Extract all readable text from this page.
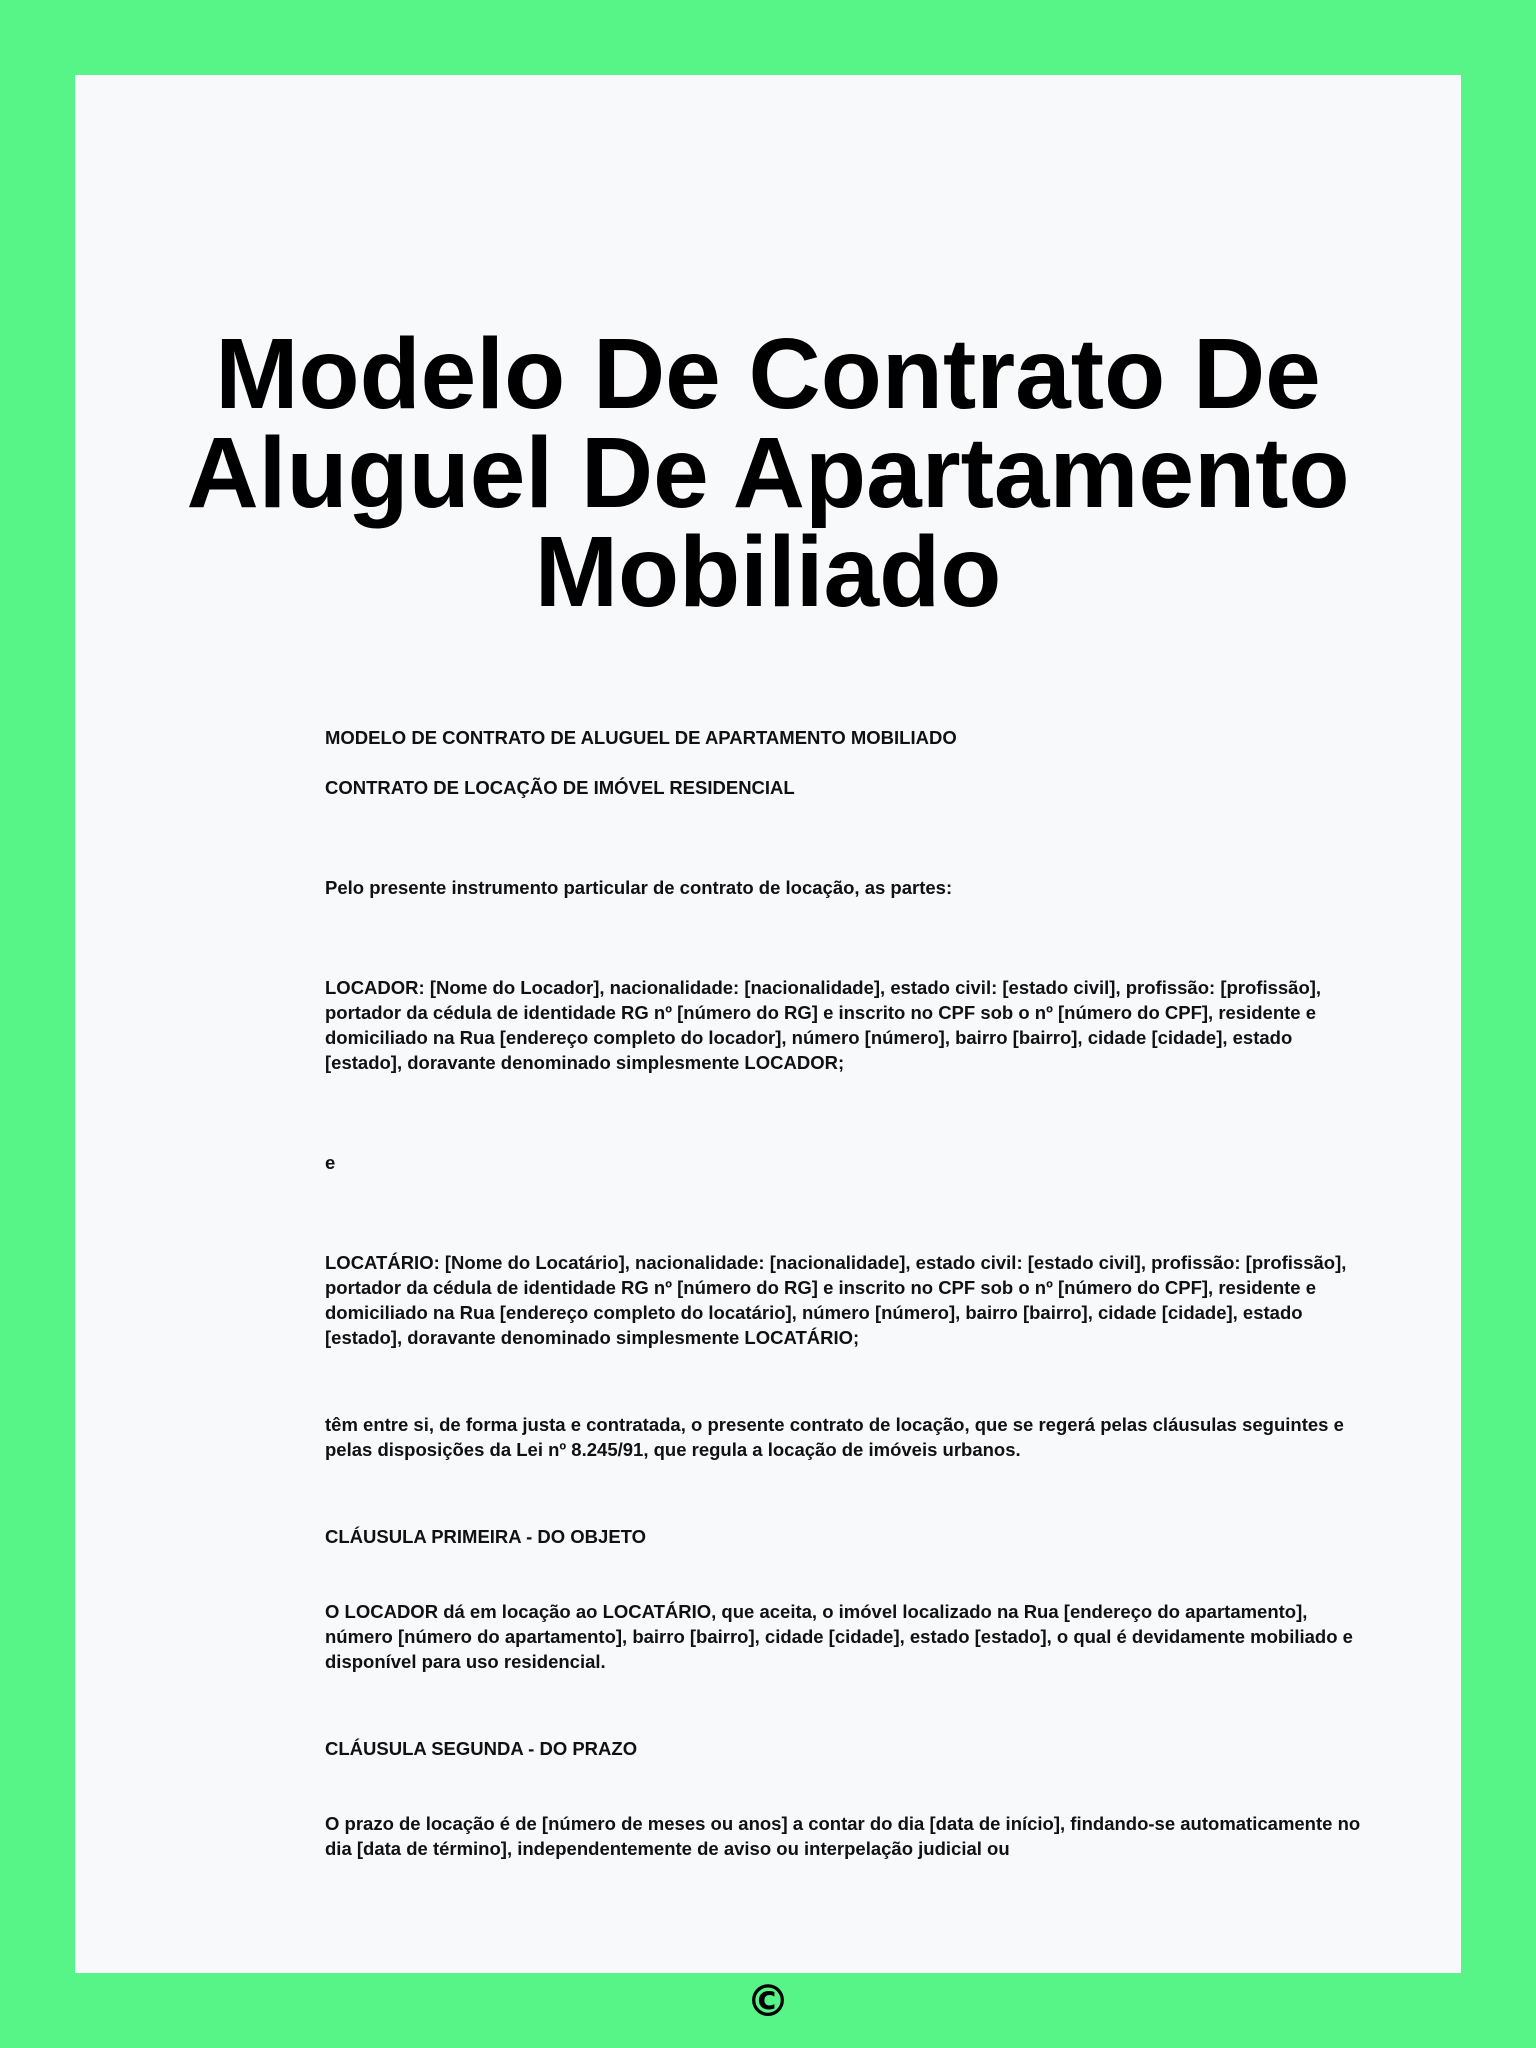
Modelo De Contrato De
Aluguel De Apartamento
Mobiliado

MODELO DE CONTRATO DE ALUGUEL DE APARTAMENTO MOBILIADO

CONTRATO DE LOCAÇÃO DE IMÓVEL RESIDENCIAL

Pelo presente instrumento particular de contrato de locação, as partes:

LOCADOR: [Nome do Locador], nacionalidade: [nacionalidade], estado civil: [estado civil], profissão: [profissão], portador da cédula de identidade RG nº [número do RG] e inscrito no CPF sob o nº [número do CPF], residente e domiciliado na Rua [endereço completo do locador], número [número], bairro [bairro], cidade [cidade], estado [estado], doravante denominado simplesmente LOCADOR;

e

LOCATÁRIO: [Nome do Locatário], nacionalidade: [nacionalidade], estado civil: [estado civil], profissão: [profissão], portador da cédula de identidade RG nº [número do RG] e inscrito no CPF sob o nº [número do CPF], residente e domiciliado na Rua [endereço completo do locatário], número [número], bairro [bairro], cidade [cidade], estado [estado], doravante denominado simplesmente LOCATÁRIO;

têm entre si, de forma justa e contratada, o presente contrato de locação, que se regerá pelas cláusulas seguintes e pelas disposições da Lei nº 8.245/91, que regula a locação de imóveis urbanos.

CLÁUSULA PRIMEIRA - DO OBJETO

O LOCADOR dá em locação ao LOCATÁRIO, que aceita, o imóvel localizado na Rua [endereço do apartamento], número [número do apartamento], bairro [bairro], cidade [cidade], estado [estado], o qual é devidamente mobiliado e disponível para uso residencial.

CLÁUSULA SEGUNDA - DO PRAZO

O prazo de locação é de [número de meses ou anos] a contar do dia [data de início], findando-se automaticamente no dia [data de término], independentemente de aviso ou interpelação judicial ou

©
